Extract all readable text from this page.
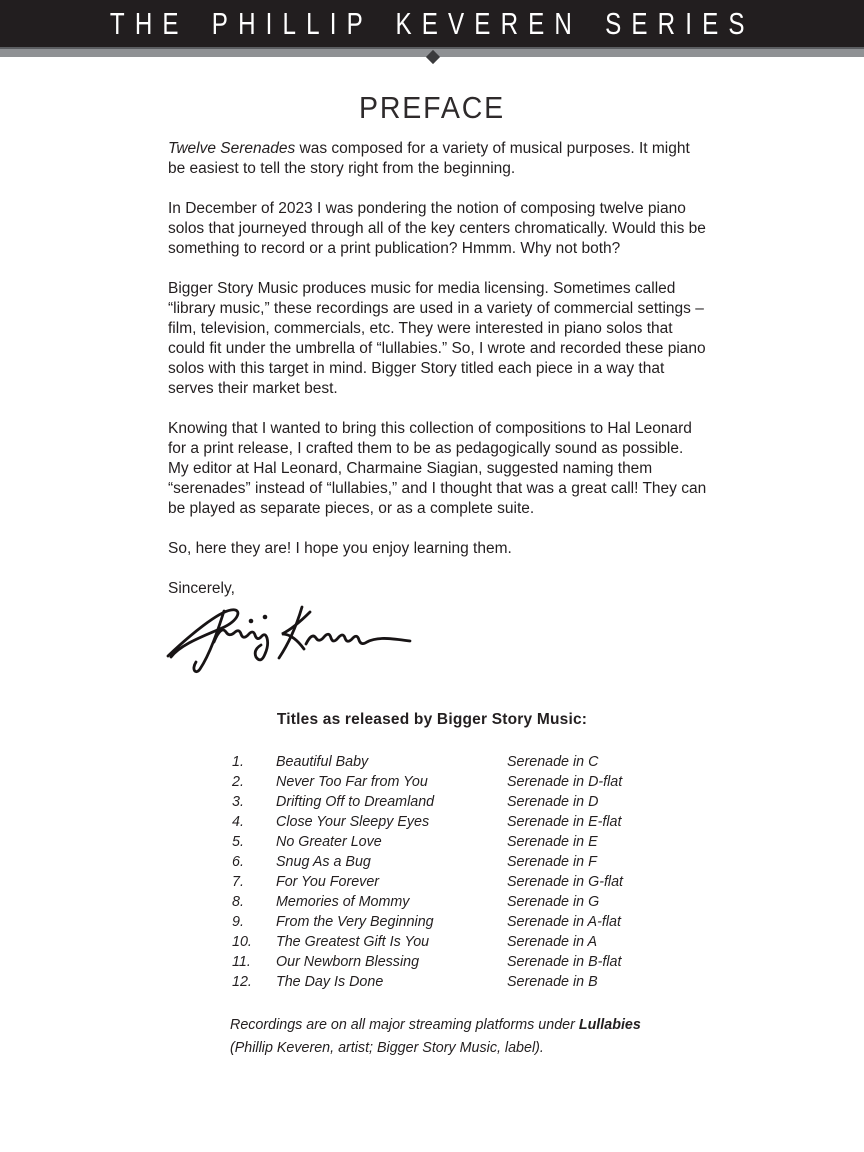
THE PHILLIP KEVEREN SERIES
PREFACE

Twelve Serenades was composed for a variety of musical purposes. It might be easiest to tell the story right from the beginning.

In December of 2023 I was pondering the notion of composing twelve piano solos that journeyed through all of the key centers chromatically. Would this be something to record or a print publication? Hmmm. Why not both?

Bigger Story Music produces music for media licensing. Sometimes called “library music,” these recordings are used in a variety of commercial settings – film, television, commercials, etc. They were interested in piano solos that could fit under the umbrella of “lullabies.” So, I wrote and recorded these piano solos with this target in mind. Bigger Story titled each piece in a way that serves their market best.

Knowing that I wanted to bring this collection of compositions to Hal Leonard for a print release, I crafted them to be as pedagogically sound as possible. My editor at Hal Leonard, Charmaine Siagian, suggested naming them “serenades” instead of “lullabies,” and I thought that was a great call! They can be played as separate pieces, or as a complete suite.

So, here they are! I hope you enjoy learning them.

Sincerely,

Titles as released by Bigger Story Music:
1.	Beautiful Baby	Serenade in C
2.	Never Too Far from You	Serenade in D-flat
3.	Drifting Off to Dreamland	Serenade in D
4.	Close Your Sleepy Eyes	Serenade in E-flat
5.	No Greater Love	Serenade in E
6.	Snug As a Bug	Serenade in F
7.	For You Forever	Serenade in G-flat
8.	Memories of Mommy	Serenade in G
9.	From the Very Beginning	Serenade in A-flat
10.	The Greatest Gift Is You	Serenade in A
11.	Our Newborn Blessing	Serenade in B-flat
12.	The Day Is Done	Serenade in B
Recordings are on all major streaming platforms under Lullabies
(Phillip Keveren, artist; Bigger Story Music, label).
